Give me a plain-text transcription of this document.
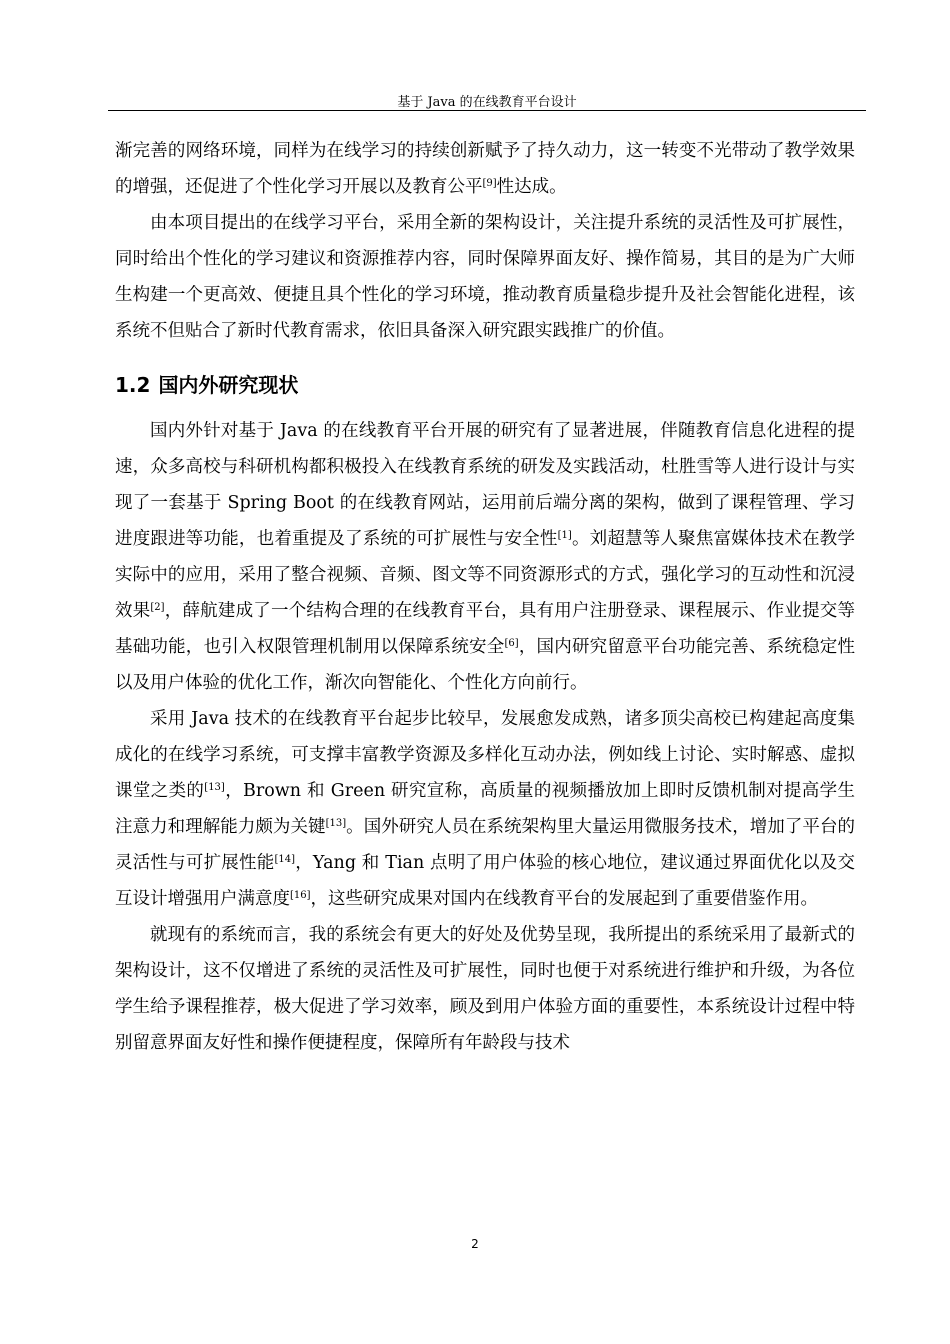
基于 Java 的在线教育平台设计

渐完善的网络环境，同样为在线学习的持续创新赋予了持久动力，这一转变不光带动了教学效果的增强，还促进了个性化学习开展以及教育公平[9]性达成。

由本项目提出的在线学习平台，采用全新的架构设计，关注提升系统的灵活性及可扩展性，同时给出个性化的学习建议和资源推荐内容，同时保障界面友好、操作简易，其目的是为广大师生构建一个更高效、便捷且具个性化的学习环境，推动教育质量稳步提升及社会智能化进程，该系统不但贴合了新时代教育需求，依旧具备深入研究跟实践推广的价值。

1.2 国内外研究现状

国内外针对基于 Java 的在线教育平台开展的研究有了显著进展，伴随教育信息化进程的提速，众多高校与科研机构都积极投入在线教育系统的研发及实践活动，杜胜雪等人进行设计与实现了一套基于 Spring Boot 的在线教育网站，运用前后端分离的架构，做到了课程管理、学习进度跟进等功能，也着重提及了系统的可扩展性与安全性[1]。刘超慧等人聚焦富媒体技术在教学实际中的应用，采用了整合视频、音频、图文等不同资源形式的方式，强化学习的互动性和沉浸效果[2]，薛航建成了一个结构合理的在线教育平台，具有用户注册登录、课程展示、作业提交等基础功能，也引入权限管理机制用以保障系统安全[6]，国内研究留意平台功能完善、系统稳定性以及用户体验的优化工作，渐次向智能化、个性化方向前行。

采用 Java 技术的在线教育平台起步比较早，发展愈发成熟，诸多顶尖高校已构建起高度集成化的在线学习系统，可支撑丰富教学资源及多样化互动办法，例如线上讨论、实时解惑、虚拟课堂之类的[13]，Brown 和 Green 研究宣称，高质量的视频播放加上即时反馈机制对提高学生注意力和理解能力颇为关键[13]。国外研究人员在系统架构里大量运用微服务技术，增加了平台的灵活性与可扩展性能[14]，Yang 和 Tian 点明了用户体验的核心地位，建议通过界面优化以及交互设计增强用户满意度[16]，这些研究成果对国内在线教育平台的发展起到了重要借鉴作用。

就现有的系统而言，我的系统会有更大的好处及优势呈现，我所提出的系统采用了最新式的架构设计，这不仅增进了系统的灵活性及可扩展性，同时也便于对系统进行维护和升级，为各位学生给予课程推荐，极大促进了学习效率，顾及到用户体验方面的重要性，本系统设计过程中特别留意界面友好性和操作便捷程度，保障所有年龄段与技术

2
